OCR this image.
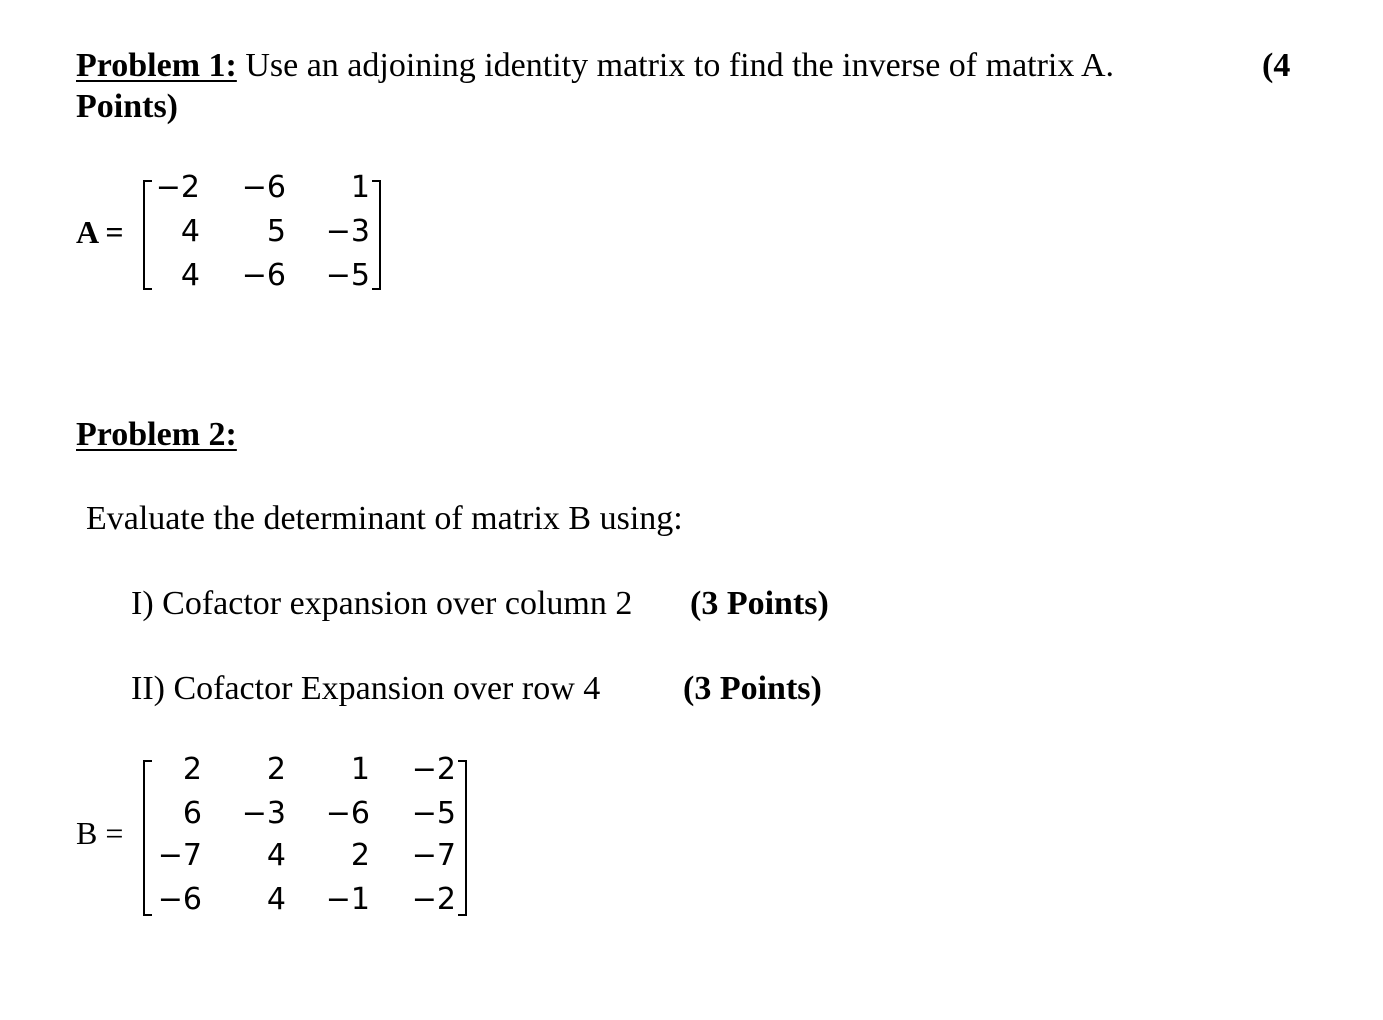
Problem 1: Use an adjoining identity matrix to find the inverse of matrix A.	(4
Points)
A =
−2	−6	1
4	5	−3
4	−6	−5
Problem 2:
Evaluate the determinant of matrix B using:
I) Cofactor expansion over column 2 (3 Points)
II) Cofactor Expansion over row 4 (3 Points)
B =
2	2	1	−2
6	−3	−6	−5
−7	4	2	−7
−6	4	−1	−2
